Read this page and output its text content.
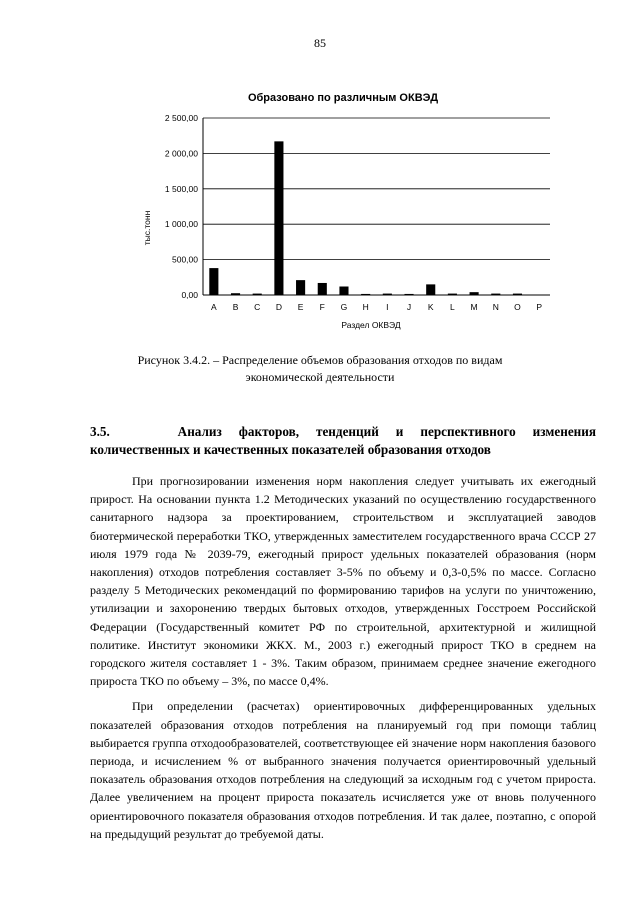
85
Образовано по различным ОКВЭД
тыс.тонн
Раздел ОКВЭД
0,00
500,00
1 000,00
1 500,00
2 000,00
2 500,00
A B C D E F G H I J K L M N O P
Рисунок 3.4.2. – Распределение объемов образования отходов по видам
экономической деятельности
3.5.	Анализ факторов, тенденций и перспективного изменения
количественных и качественных показателей образования отходов

При прогнозировании изменения норм накопления следует учитывать их ежегодный прирост. На основании пункта 1.2 Методических указаний по осуществлению государственного санитарного надзора за проектированием, строительством и эксплуатацией заводов биотермической переработки ТКО, утвержденных заместителем государственного врача СССР 27 июля 1979 года № 2039-79, ежегодный прирост удельных показателей образования (норм накопления) отходов потребления составляет 3-5% по объему и 0,3-0,5% по массе. Согласно разделу 5 Методических рекомендаций по формированию тарифов на услуги по уничтожению, утилизации и захоронению твердых бытовых отходов, утвержденных Госстроем Российской Федерации (Государственный комитет РФ по строительной, архитектурной и жилищной политике. Институт экономики ЖКХ. М., 2003 г.) ежегодный прирост ТКО в среднем на городского жителя составляет 1 - 3%. Таким образом, принимаем среднее значение ежегодного прироста ТКО по объему – 3%, по массе 0,4%.

При определении (расчетах) ориентировочных дифференцированных удельных показателей образования отходов потребления на планируемый год при помощи таблиц выбирается группа отходообразователей, соответствующее ей значение норм накопления базового периода, и исчислением % от выбранного значения получается ориентировочный удельный показатель образования отходов потребления на следующий за исходным год с учетом прироста. Далее увеличением на процент прироста показатель исчисляется уже от вновь полученного ориентировочного показателя образования отходов потребления. И так далее, поэтапно, с опорой на предыдущий результат до требуемой даты.
